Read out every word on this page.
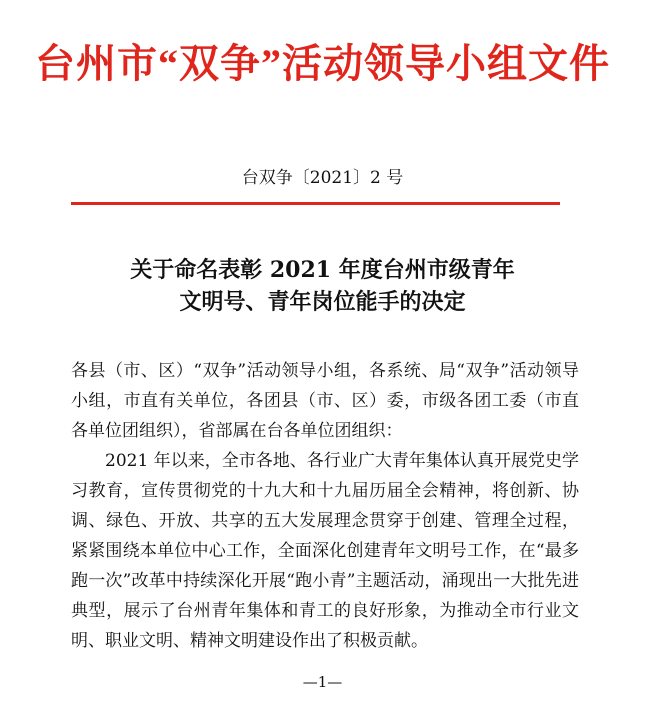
台州市“双争”活动领导小组文件
台双争〔2021〕2 号
关于命名表彰 2021 年度台州市级青年
文明号、青年岗位能手的决定

各县（市、区）“双争”活动领导小组，各系统、局“双争”活动领导小组，市直有关单位，各团县（市、区）委，市级各团工委（市直各单位团组织），省部属在台各单位团组织：

2021 年以来，全市各地、各行业广大青年集体认真开展党史学习教育，宣传贯彻党的十九大和十九届历届全会精神，将创新、协调、绿色、开放、共享的五大发展理念贯穿于创建、管理全过程，紧紧围绕本单位中心工作，全面深化创建青年文明号工作，在“最多跑一次”改革中持续深化开展“跑小青”主题活动，涌现出一大批先进典型，展示了台州青年集体和青工的良好形象，为推动全市行业文明、职业文明、精神文明建设作出了积极贡献。

—1—
